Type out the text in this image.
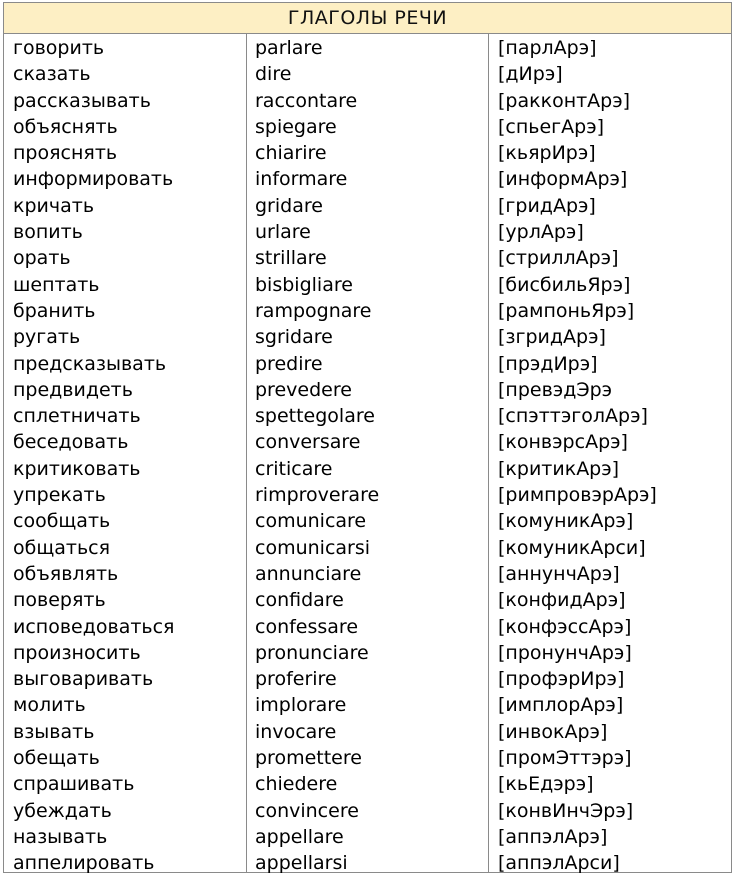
ГЛАГОЛЫ РЕЧИ
говорить
сказать
рассказывать
объяснять
прояснять
информировать
кричать
вопить
орать
шептать
бранить
ругать
предсказывать
предвидеть
сплетничать
беседовать
критиковать
упрекать
сообщать
общаться
объявлять
поверять
исповедоваться
произносить
выговаривать
молить
взывать
обещать
спрашивать
убеждать
называть
аппелировать
parlare
dire
raccontare
spiegare
chiarire
informare
gridare
urlare
strillare
bisbigliare
rampognare
sgridare
predire
prevedere
spettegolare
conversare
criticare
rimproverare
comunicare
comunicarsi
annunciare
confidare
confessare
pronunciare
proferire
implorare
invocare
promettere
chiedere
convincere
appellare
appellarsi
[парлАрэ]
[дИрэ]
[ракконтАрэ]
[спьегАрэ]
[кьярИрэ]
[информАрэ]
[гридАрэ]
[урлАрэ]
[стриллАрэ]
[бисбильЯрэ]
[рампоньЯрэ]
[згридАрэ]
[прэдИрэ]
[превэдЭрэ
[спэттэголАрэ]
[конвэрсАрэ]
[критикАрэ]
[римпровэрАрэ]
[комуникАрэ]
[комуникАрси]
[аннунчАрэ]
[конфидАрэ]
[конфэссАрэ]
[пронунчАрэ]
[профэрИрэ]
[имплорАрэ]
[инвокАрэ]
[промЭттэрэ]
[кьЕдэрэ]
[конвИнчЭрэ]
[аппэлАрэ]
[аппэлАрси]
